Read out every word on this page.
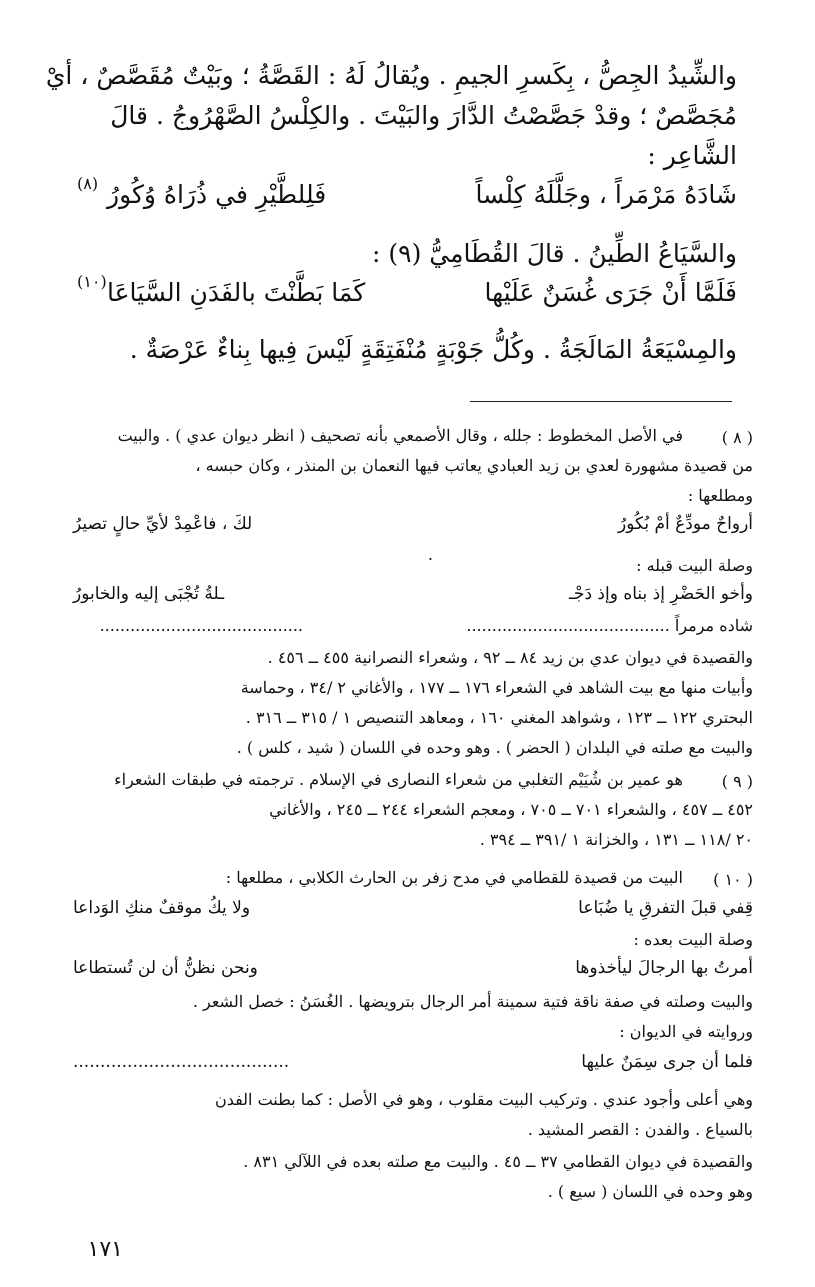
والشِّيدُ الجِصُّ ، بِكَسرِ الجيمِ . ويُقالُ لَهُ : القَصَّةُ ؛ وبَيْتٌ مُقَصَّصٌ ، أيْ
مُجَصَّصٌ ؛ وقدْ جَصَّصْتُ الدَّارَ والبَيْتَ . والكِلْسُ الصَّهْرُوجُ . قالَ
الشَّاعِر :
شَادَهُ مَرْمَراً ، وجَلَّلَهُ كِلْساً
فَلِلطَّيْرِ في ذُرَاهُ وُكُورُ
(٨)
والسَّيَاعُ الطِّينُ . قالَ القُطَامِيُّ (٩) :
فَلَمَّا أَنْ جَرَى غُسَنٌ عَلَيْها
كَمَا بَطَّنْتَ بالفَدَنِ السَّيَاعَا
(١٠)
والمِسْيَعَةُ المَالَجَةُ . وكُلُّ جَوْبَةٍ مُنْفَتِقَةٍ لَيْسَ فِيها بِناءٌ عَرْصَةٌ .
( ٨ )
في الأصل المخطوط : جلله ، وقال الأصمعي بأنه تصحيف ( انظر ديوان عدي ) . والبيت
من قصيدة مشهورة لعدي بن زيد العبادي يعاتب فيها النعمان بن المنذر ، وكان حبسه ،
ومطلعها :
أرواحٌ مودِّعٌ أمْ بُكُورُ
لكَ ، فاعْمِدْ لأيِّ حالٍ تصيرُ
.
وصلة البيت قبله :
وأخو الحَضْرِ إذ بناه وإذ دَجْـ
ـلةُ تُجْبَى إليه والخابورُ
شاده مرمراً ........................................
........................................
والقصيدة في ديوان عدي بن زيد ٨٤ ــ ٩٢ ، وشعراء النصرانية ٤٥٥ ــ ٤٥٦ .
وأبيات منها مع بيت الشاهد في الشعراء ١٧٦ ــ ١٧٧ ، والأغاني ٢ /٣٤ ، وحماسة
البحتري ١٢٢ ــ ١٢٣ ، وشواهد المغني ١٦٠ ، ومعاهد التنصيص ١ / ٣١٥ ــ ٣١٦ .
والبيت مع صلته في البلدان ( الحضر ) . وهو وحده في اللسان ( شيد ، كلس ) .
( ٩ )
هو عمير بن شُيَيْم التغلبي من شعراء النصارى في الإسلام . ترجمته في طبقات الشعراء
٤٥٢ ــ ٤٥٧ ، والشعراء ٧٠١ ــ ٧٠٥ ، ومعجم الشعراء ٢٤٤ ــ ٢٤٥ ، والأغاني
٢٠ /١١٨ ــ ١٣١ ، والخزانة ١ /٣٩١ ــ ٣٩٤ .
( ١٠ )
البيت من قصيدة للقطامي في مدح زفر بن الحارث الكلابي ، مطلعها :
قِفي قبلَ التفرقِ يا ضُبَاعا
ولا يكُ موقفٌ منكِ الوَداعا
وصلة البيت بعده :
أمرتُ بها الرجالَ ليأخذوها
ونحن نظنُّ أن لن تُستطاعا
والبيت وصلته في صفة ناقة فتية سمينة أمر الرجال بترويضها . الغُسَنُ : خصل الشعر .
وروايته في الديوان :
فلما أن جرى سِمَنٌ عليها
........................................
وهي أعلى وأجود عندي . وتركيب البيت مقلوب ، وهو في الأصل : كما بطنت الفدن
بالسياع . والفدن : القصر المشيد .
والقصيدة في ديوان القطامي ٣٧ ــ ٤٥ . والبيت مع صلته بعده في اللآلي ٨٣١ .
وهو وحده في اللسان ( سيع ) .
١٧١
